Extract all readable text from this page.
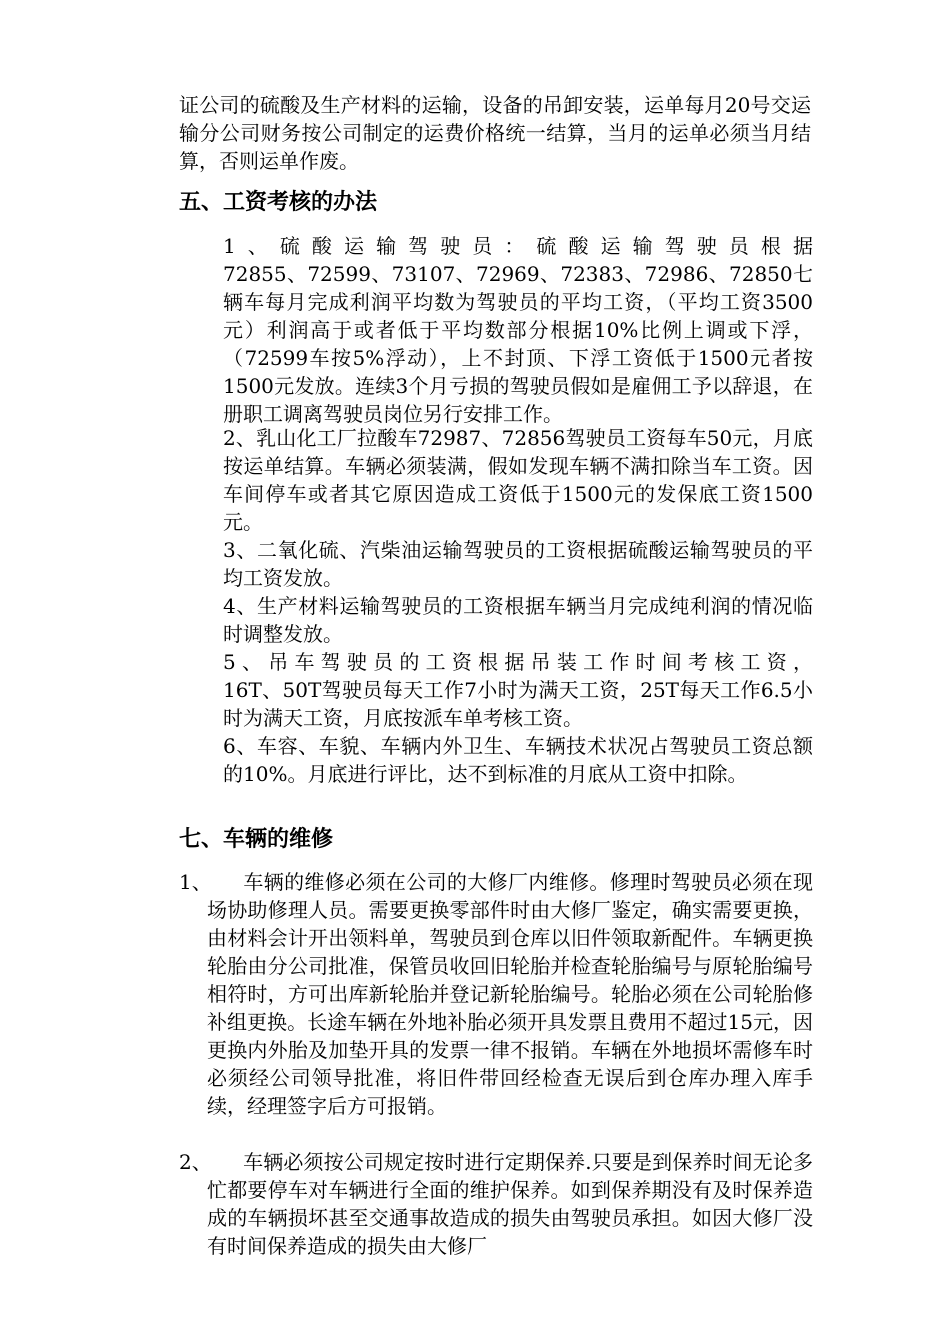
证公司的硫酸及生产材料的运输，设备的吊卸安装，运单每月20号交运输分公司财务按公司制定的运费价格统一结算，当月的运单必须当月结算，否则运单作废。

五、工资考核的办法
1、硫酸运输驾驶员：硫酸运输驾驶员根据
72855、72599、73107、72969、72383、72986、72850七辆车每月完成利润平均数为驾驶员的平均工资，（平均工资3500元）利润高于或者低于平均数部分根据10%比例上调或下浮，（72599车按5%浮动），上不封顶、下浮工资低于1500元者按1500元发放。连续3个月亏损的驾驶员假如是雇佣工予以辞退，在册职工调离驾驶员岗位另行安排工作。

2、乳山化工厂拉酸车72987、72856驾驶员工资每车50元，月底按运单结算。车辆必须装满，假如发现车辆不满扣除当车工资。因车间停车或者其它原因造成工资低于1500元的发保底工资1500元。

3、二氧化硫、汽柴油运输驾驶员的工资根据硫酸运输驾驶员的平均工资发放。

4、生产材料运输驾驶员的工资根据车辆当月完成纯利润的情况临时调整发放。

5、吊车驾驶员的工资根据吊装工作时间考核工资，
16T、50T驾驶员每天工作7小时为满天工资，25T每天工作6.5小时为满天工资，月底按派车单考核工资。

6、车容、车貌、车辆内外卫生、车辆技术状况占驾驶员工资总额的10%。月底进行评比，达不到标准的月底从工资中扣除。

七、车辆的维修
1、	车辆的维修必须在公司的大修厂内维修。修理时驾驶员必须在现场协助修理人员。需要更换零部件时由大修厂鉴定，确实需要更换，由材料会计开出领料单，驾驶员到仓库以旧件领取新配件。车辆更换轮胎由分公司批准，保管员收回旧轮胎并检查轮胎编号与原轮胎编号相符时，方可出库新轮胎并登记新轮胎编号。轮胎必须在公司轮胎修补组更换。长途车辆在外地补胎必须开具发票且费用不超过15元，因更换内外胎及加垫开具的发票一律不报销。车辆在外地损坏需修车时必须经公司领导批准，将旧件带回经检查无误后到仓库办理入库手续，经理签字后方可报销。
2、	车辆必须按公司规定按时进行定期保养.只要是到保养时间无论多忙都要停车对车辆进行全面的维护保养。如到保养期没有及时保养造成的车辆损坏甚至交通事故造成的损失由驾驶员承担。如因大修厂没有时间保养造成的损失由大修厂
